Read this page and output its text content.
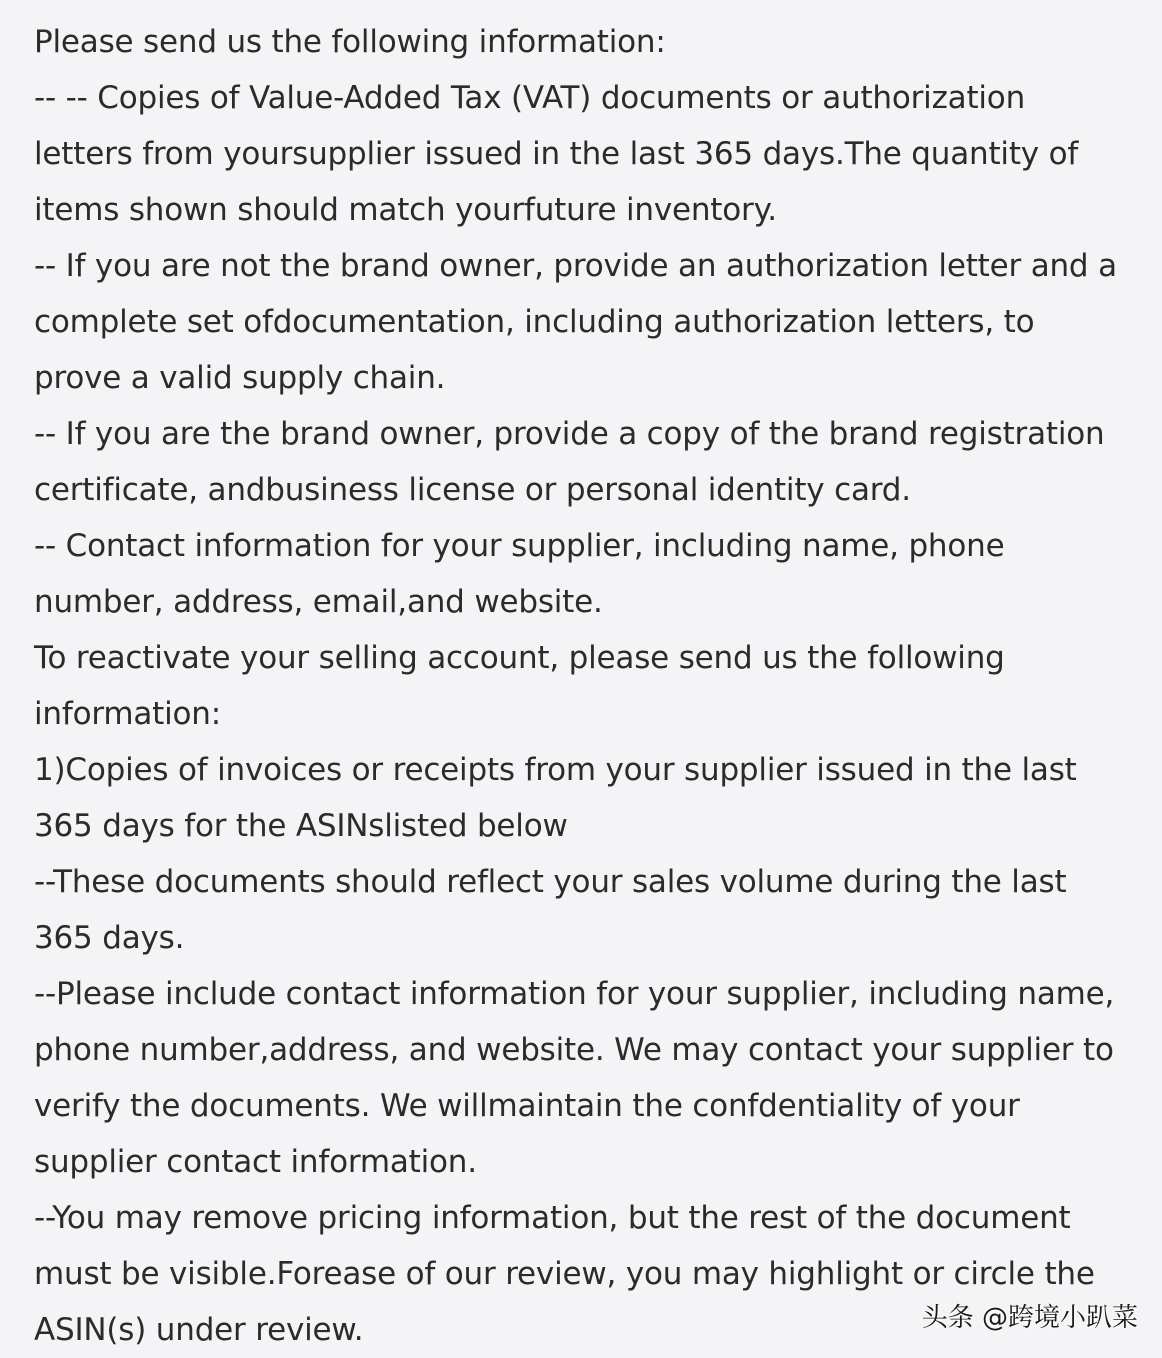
Please send us the following information:
-- -- Copies of Value-Added Tax (VAT) documents or authorization
letters from yoursupplier issued in the last 365 days.The quantity of
items shown should match yourfuture inventory.
-- If you are not the brand owner, provide an authorization letter and a
complete set ofdocumentation, including authorization letters, to
prove a valid supply chain.
-- If you are the brand owner, provide a copy of the brand registration
certificate, andbusiness license or personal identity card.
-- Contact information for your supplier, including name, phone
number, address, email,and website.
To reactivate your selling account, please send us the following
information:
1)Copies of invoices or receipts from your supplier issued in the last
365 days for the ASINslisted below
--These documents should reflect your sales volume during the last
365 days.
--Please include contact information for your supplier, including name,
phone number,address, and website. We may contact your supplier to
verify the documents. We willmaintain the confdentiality of your
supplier contact information.
--You may remove pricing information, but the rest of the document
must be visible.Forease of our review, you may highlight or circle the
ASIN(s) under review.	头条 @跨境小趴菜
